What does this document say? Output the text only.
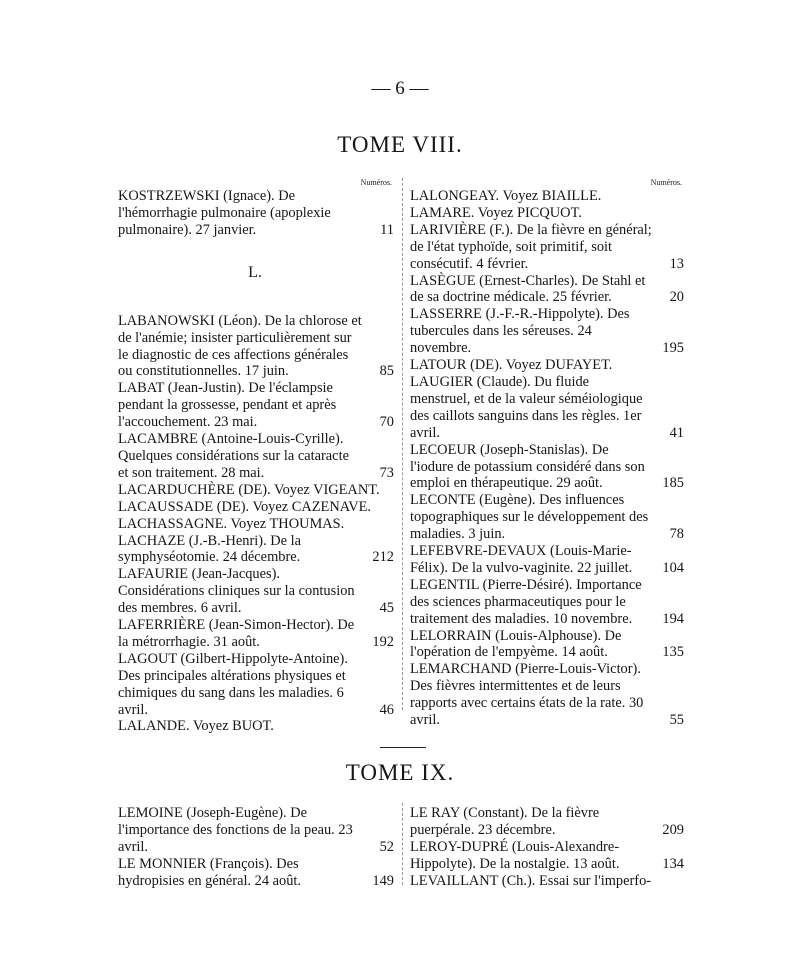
— 6 —
TOME VIII.
Numéros.
KOSTRZEWSKI (Ignace). De l'hémorrhagie pulmonaire (apoplexie pulmonaire). 27 janvier.	11
L.
LABANOWSKI (Léon). De la chlorose et de l'anémie; insister particulièrement sur le diagnostic de ces affections générales ou constitutionnelles. 17 juin.	85
LABAT (Jean-Justin). De l'éclampsie pendant la grossesse, pendant et après l'accouchement. 23 mai.	70
LACAMBRE (Antoine-Louis-Cyrille). Quelques considérations sur la cataracte et son traitement. 28 mai.	73
LACARDUCHÈRE (DE). Voyez VIGEANT.
LACAUSSADE (DE). Voyez CAZENAVE.
LACHASSAGNE. Voyez THOUMAS.
LACHAZE (J.-B.-Henri). De la symphyséotomie. 24 décembre.	212
LAFAURIE (Jean-Jacques). Considérations cliniques sur la contusion des membres. 6 avril.	45
LAFERRIÈRE (Jean-Simon-Hector). De la métrorrhagie. 31 août.	192
LAGOUT (Gilbert-Hippolyte-Antoine). Des principales altérations physiques et chimiques du sang dans les maladies. 6 avril.	46
LALANDE. Voyez BUOT.
Numéros.
LALONGEAY. Voyez BIAILLE.
LAMARE. Voyez PICQUOT.
LARIVIÈRE (F.). De la fièvre en général; de l'état typhoïde, soit primitif, soit consécutif. 4 février.	13
LASÈGUE (Ernest-Charles). De Stahl et de sa doctrine médicale. 25 février.	20
LASSERRE (J.-F.-R.-Hippolyte). Des tubercules dans les séreuses. 24 novembre.	195
LATOUR (DE). Voyez DUFAYET.
LAUGIER (Claude). Du fluide menstruel, et de la valeur séméiologique des caillots sanguins dans les règles. 1er avril.	41
LECOEUR (Joseph-Stanislas). De l'iodure de potassium considéré dans son emploi en thérapeutique. 29 août.	185
LECONTE (Eugène). Des influences topographiques sur le développement des maladies. 3 juin.	78
LEFEBVRE-DEVAUX (Louis-Marie-Félix). De la vulvo-vaginite. 22 juillet.	104
LEGENTIL (Pierre-Désiré). Importance des sciences pharmaceutiques pour le traitement des maladies. 10 novembre.	194
LELORRAIN (Louis-Alphouse). De l'opération de l'empyème. 14 août.	135
LEMARCHAND (Pierre-Louis-Victor). Des fièvres intermittentes et de leurs rapports avec certains états de la rate. 30 avril.	55
TOME IX.
LEMOINE (Joseph-Eugène). De l'importance des fonctions de la peau. 23 avril.	52
LE MONNIER (François). Des hydropisies en général. 24 août.	149
LE RAY (Constant). De la fièvre puerpérale. 23 décembre.	209
LEROY-DUPRÉ (Louis-Alexandre-Hippolyte). De la nostalgie. 13 août.	134
LEVAILLANT (Ch.). Essai sur l'imperfo-
